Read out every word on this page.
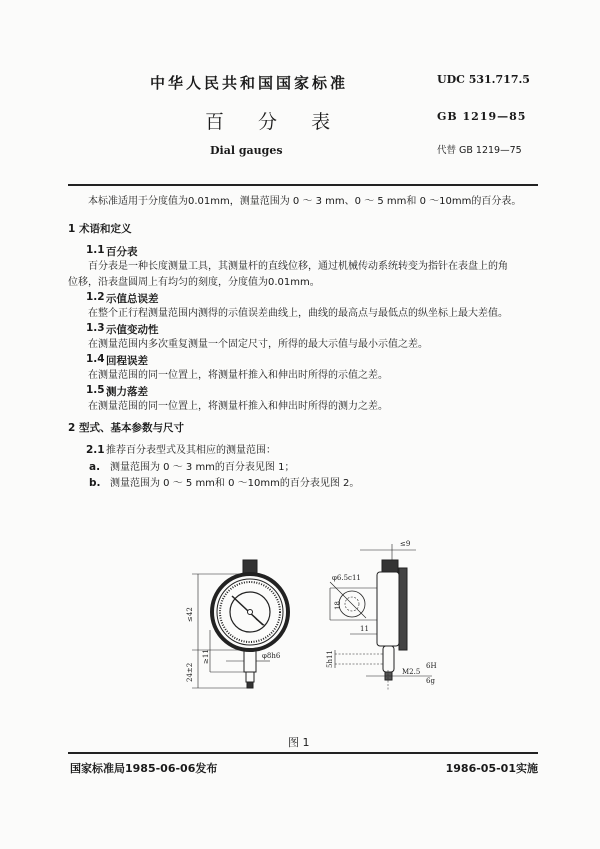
中华人民共和国国家标准
百 分 表
Dial gauges
UDC 531.717.5
GB 1219—85
代替 GB 1219—75
本标准适用于分度值为0.01mm，测量范围为 0 ～ 3 mm、0 ～ 5 mm和 0 ～10mm的百分表。
1 术语和定义
1.1 百分表
百分表是一种长度测量工具，其测量杆的直线位移，通过机械传动系统转变为指针在表盘上的角
位移，沿表盘圆周上有均匀的刻度，分度值为0.01mm。
1.2 示值总误差
在整个正行程测量范围内测得的示值误差曲线上，曲线的最高点与最低点的纵坐标上最大差值。
1.3 示值变动性
在测量范围内多次重复测量一个固定尺寸，所得的最大示值与最小示值之差。
1.4 回程误差
在测量范围的同一位置上，将测量杆推入和伸出时所得的示值之差。
1.5 测力落差
在测量范围的同一位置上，将测量杆推入和伸出时所得的测力之差。
2 型式、基本参数与尺寸
2.1 推荐百分表型式及其相应的测量范围：
a. 测量范围为 0 ～ 3 mm的百分表见图 1；
b. 测量范围为 0 ～ 5 mm和 0 ～10mm的百分表见图 2。
≤42
24±2
≥11	φ8h6
≤9
φ6.5c11
18
11
5h11
M2.5
6H
6g
图 1
国家标准局1985-06-06发布	1986-05-01实施
